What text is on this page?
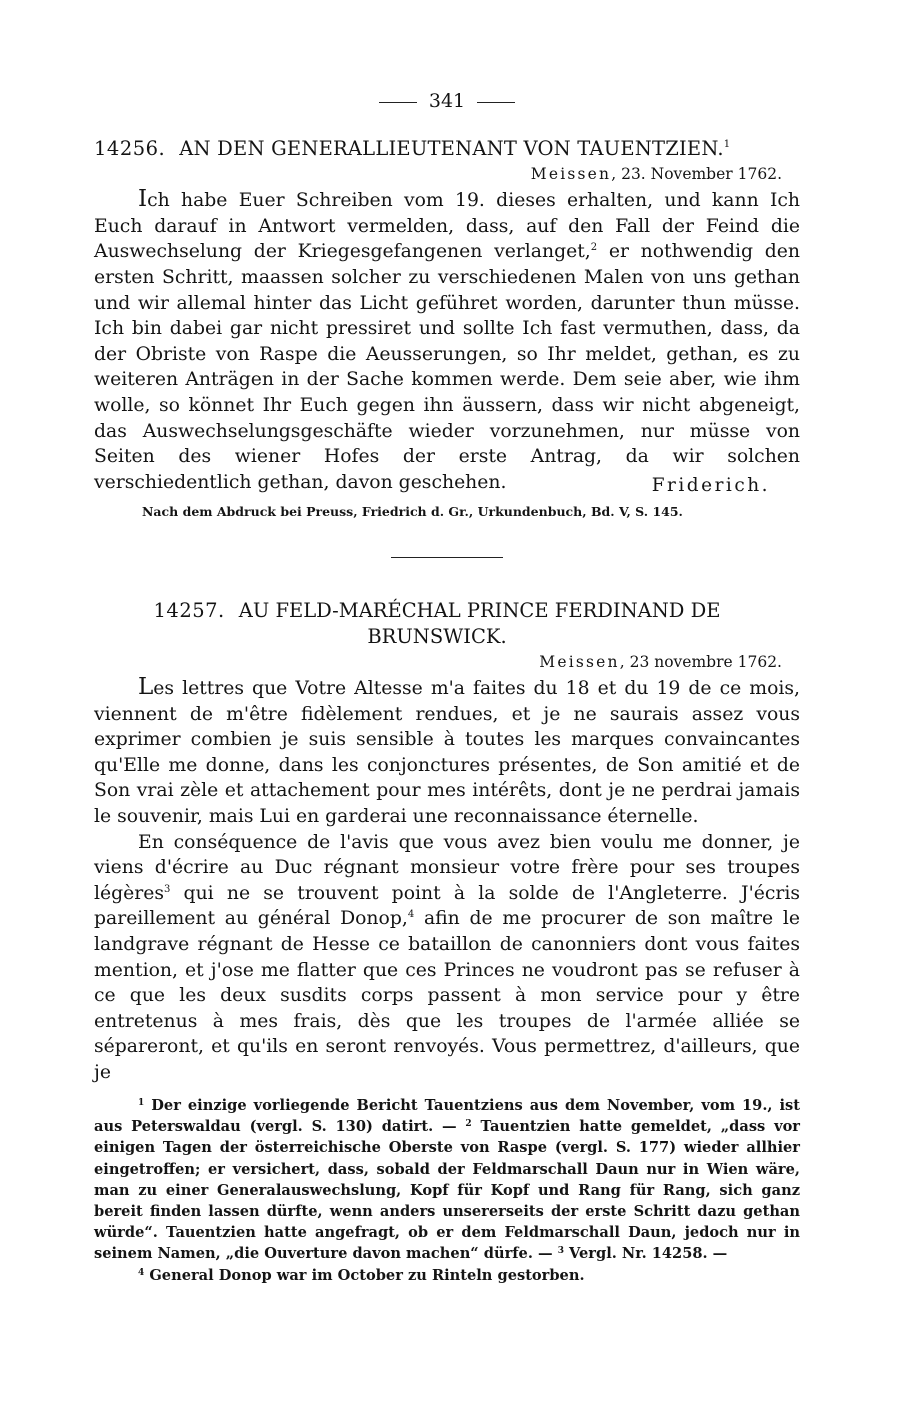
341
14256. AN DEN GENERALLIEUTENANT VON TAUENTZIEN.$^1$
Meissen, 23. November 1762.

Ich habe Euer Schreiben vom 19. dieses erhalten, und kann Ich Euch darauf in Antwort vermelden, dass, auf den Fall der Feind die Auswechselung der Kriegesgefangenen verlanget,$^2$ er nothwendig den ersten Schritt, maassen solcher zu verschiedenen Malen von uns gethan und wir allemal hinter das Licht geführet worden, darunter thun müsse. Ich bin dabei gar nicht pressiret und sollte Ich fast vermuthen, dass, da der Obriste von Raspe die Aeusserungen, so Ihr meldet, gethan, es zu weiteren Anträgen in der Sache kommen werde. Dem seie aber, wie ihm wolle, so könnet Ihr Euch gegen ihn äussern, dass wir nicht abgeneigt, das Auswechselungsgeschäfte wieder vorzunehmen, nur müsse von Seiten des wiener Hofes der erste Antrag, da wir solchen verschiedentlich gethan, davon geschehen.	Friderich.
Nach dem Abdruck bei Preuss, Friedrich d. Gr., Urkundenbuch, Bd. V, S. 145.
14257. AU FELD-MARÉCHAL PRINCE FERDINAND DE BRUNSWICK.
Meissen, 23 novembre 1762.

Les lettres que Votre Altesse m'a faites du 18 et du 19 de ce mois, viennent de m'être fidèlement rendues, et je ne saurais assez vous exprimer combien je suis sensible à toutes les marques convaincantes qu'Elle me donne, dans les conjonctures présentes, de Son amitié et de Son vrai zèle et attachement pour mes intérêts, dont je ne perdrai jamais le souvenir, mais Lui en garderai une reconnaissance éternelle.

En conséquence de l'avis que vous avez bien voulu me donner, je viens d'écrire au Duc régnant monsieur votre frère pour ses troupes légères$^3$ qui ne se trouvent point à la solde de l'Angleterre. J'écris pareillement au général Donop,$^4$ afin de me procurer de son maître le landgrave régnant de Hesse ce bataillon de canonniers dont vous faites mention, et j'ose me flatter que ces Princes ne voudront pas se refuser à ce que les deux susdits corps passent à mon service pour y être entretenus à mes frais, dès que les troupes de l'armée alliée se sépareront, et qu'ils en seront renvoyés. Vous permettrez, d'ailleurs, que je

$^1$ Der einzige vorliegende Bericht Tauentziens aus dem November, vom 19., ist aus Peterswaldau (vergl. S. 130) datirt. — $^2$ Tauentzien hatte gemeldet, „dass vor einigen Tagen der österreichische Oberste von Raspe (vergl. S. 177) wieder allhier eingetroffen; er versichert, dass, sobald der Feldmarschall Daun nur in Wien wäre, man zu einer Generalauswechslung, Kopf für Kopf und Rang für Rang, sich ganz bereit finden lassen dürfte, wenn anders unsererseits der erste Schritt dazu gethan würde“. Tauentzien hatte angefragt, ob er dem Feldmarschall Daun, jedoch nur in seinem Namen, „die Ouverture davon machen“ dürfe. — $^3$ Vergl. Nr. 14258. —

$^4$ General Donop war im October zu Rinteln gestorben.
